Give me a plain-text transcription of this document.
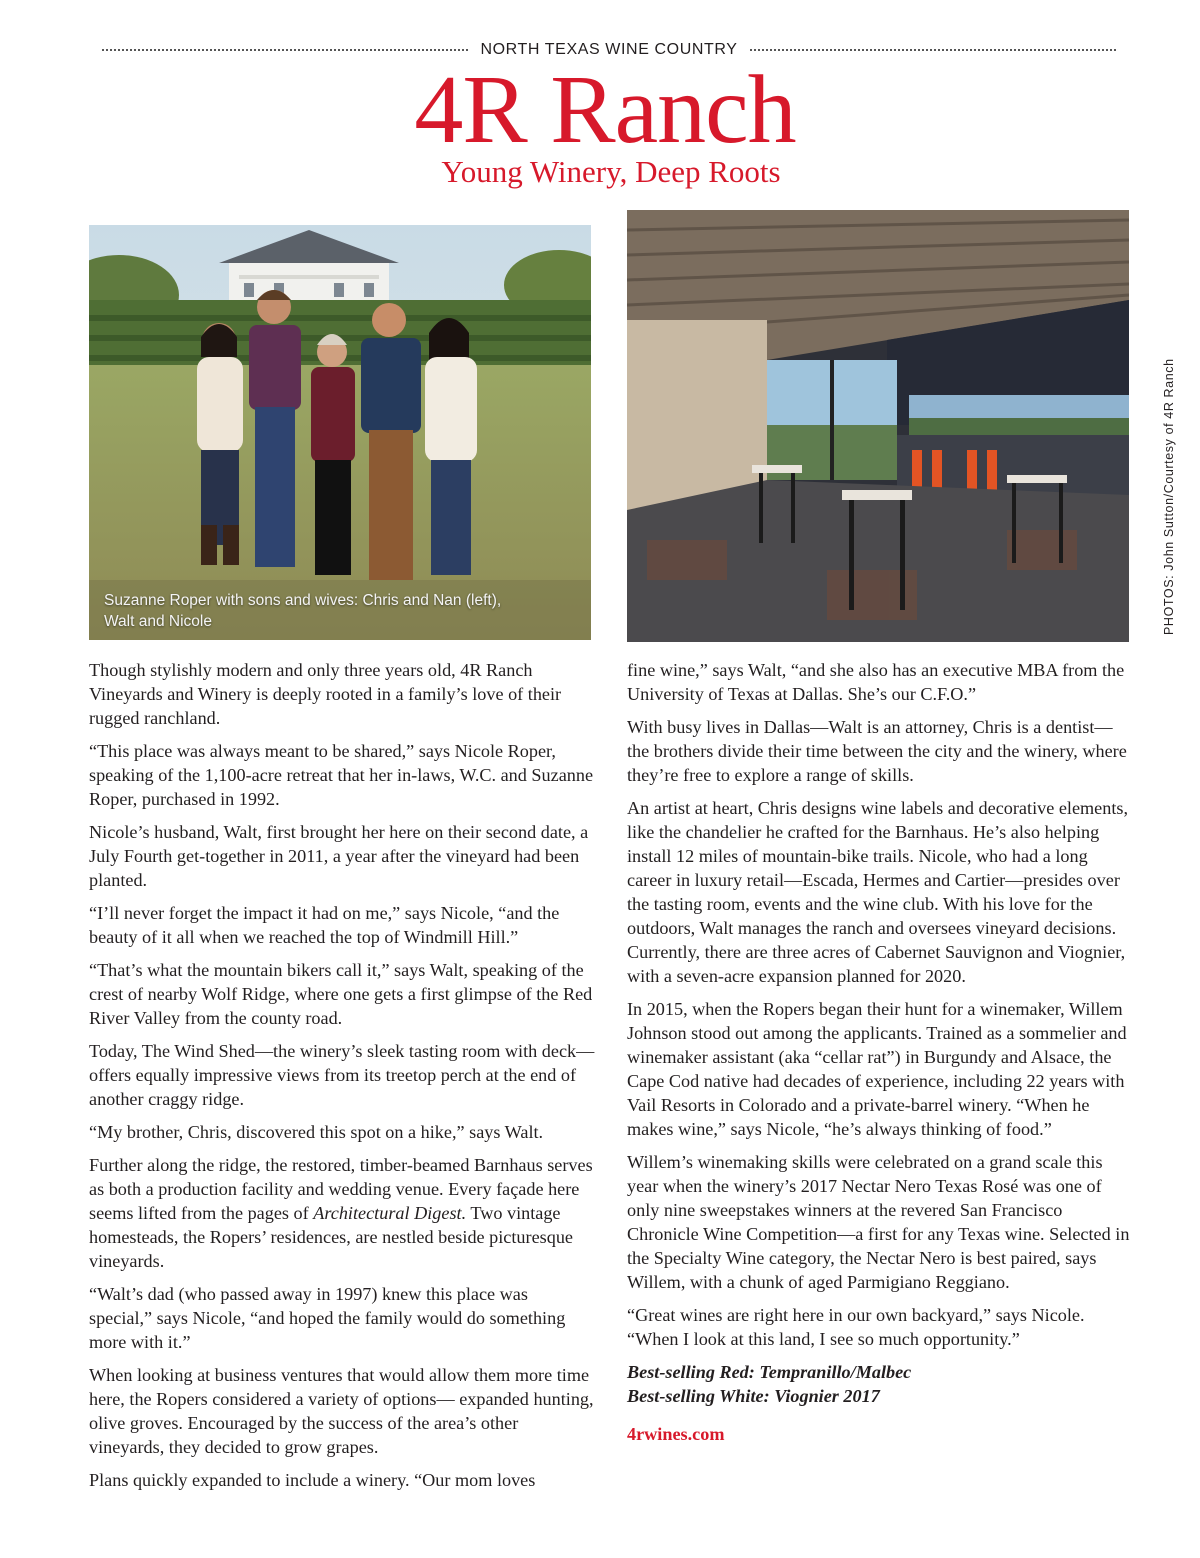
NORTH TEXAS WINE COUNTRY
4R Ranch
Young Winery, Deep Roots
Suzanne Roper with sons and wives: Chris and Nan (left),
Walt and Nicole	PHOTOS: John Sutton/Courtesy of 4R Ranch

Though stylishly modern and only three years old, 4R Ranch Vineyards and Winery is deeply rooted in a family’s love of their rugged ranchland.

“This place was always meant to be shared,” says Nicole Roper, speaking of the 1,100-acre retreat that her in-laws, W.C. and Suzanne Roper, purchased in 1992.

Nicole’s husband, Walt, first brought her here on their second date, a July Fourth get-together in 2011, a year after the vineyard had been planted.

“I’ll never forget the impact it had on me,” says Nicole, “and the beauty of it all when we reached the top of Windmill Hill.”

“That’s what the mountain bikers call it,” says Walt, speaking of the crest of nearby Wolf Ridge, where one gets a first glimpse of the Red River Valley from the county road.

Today, The Wind Shed—the winery’s sleek tasting room with deck—offers equally impressive views from its treetop perch at the end of another craggy ridge.

“My brother, Chris, discovered this spot on a hike,” says Walt.

Further along the ridge, the restored, timber-beamed Barnhaus serves as both a production facility and wedding venue. Every façade here seems lifted from the pages of Architectural Digest. Two vintage homesteads, the Ropers’ residences, are nestled beside picturesque vineyards.

“Walt’s dad (who passed away in 1997) knew this place was special,” says Nicole, “and hoped the family would do something more with it.”

When looking at business ventures that would allow them more time here, the Ropers considered a variety of options— expanded hunting, olive groves. Encouraged by the success of the area’s other vineyards, they decided to grow grapes.

Plans quickly expanded to include a winery. “Our mom loves

fine wine,” says Walt, “and she also has an executive MBA from the University of Texas at Dallas. She’s our C.F.O.”

With busy lives in Dallas—Walt is an attorney, Chris is a dentist—the brothers divide their time between the city and the winery, where they’re free to explore a range of skills.

An artist at heart, Chris designs wine labels and decorative elements, like the chandelier he crafted for the Barnhaus. He’s also helping install 12 miles of mountain-bike trails. Nicole, who had a long career in luxury retail—Escada, Hermes and Cartier—presides over the tasting room, events and the wine club. With his love for the outdoors, Walt manages the ranch and oversees vineyard decisions. Currently, there are three acres of Cabernet Sauvignon and Viognier, with a seven-acre expansion planned for 2020.

In 2015, when the Ropers began their hunt for a winemaker, Willem Johnson stood out among the applicants. Trained as a sommelier and winemaker assistant (aka “cellar rat”) in Burgundy and Alsace, the Cape Cod native had decades of experience, including 22 years with Vail Resorts in Colorado and a private-barrel winery. “When he makes wine,” says Nicole, “he’s always thinking of food.”

Willem’s winemaking skills were celebrated on a grand scale this year when the winery’s 2017 Nectar Nero Texas Rosé was one of only nine sweepstakes winners at the revered San Francisco Chronicle Wine Competition—a first for any Texas wine. Selected in the Specialty Wine category, the Nectar Nero is best paired, says Willem, with a chunk of aged Parmigiano Reggiano.

“Great wines are right here in our own backyard,” says Nicole. “When I look at this land, I see so much opportunity.”

Best-selling Red: Tempranillo/Malbec
Best-selling White: Viognier 2017
4rwines.com
